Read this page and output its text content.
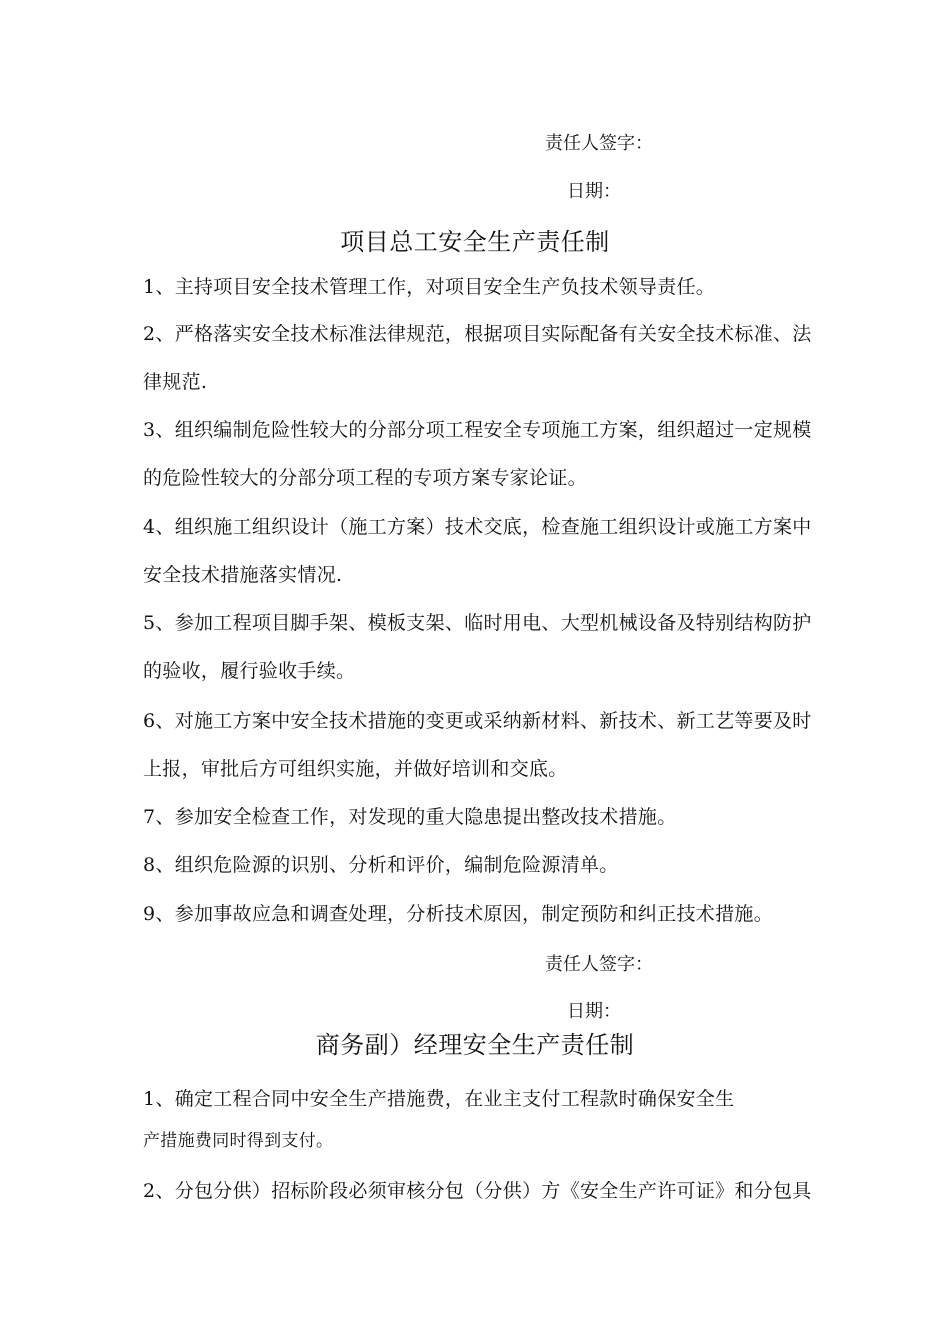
责任人签字：
日期：
项目总工安全生产责任制
1、主持项目安全技术管理工作，对项目安全生产负技术领导责任。
2、严格落实安全技术标准法律规范，根据项目实际配备有关安全技术标准、法
律规范.
3、组织编制危险性较大的分部分项工程安全专项施工方案，组织超过一定规模
的危险性较大的分部分项工程的专项方案专家论证。
4、组织施工组织设计（施工方案）技术交底，检查施工组织设计或施工方案中
安全技术措施落实情况.
5、参加工程项目脚手架、模板支架、临时用电、大型机械设备及特别结构防护
的验收，履行验收手续。
6、对施工方案中安全技术措施的变更或采纳新材料、新技术、新工艺等要及时
上报，审批后方可组织实施，并做好培训和交底。
7、参加安全检查工作，对发现的重大隐患提出整改技术措施。
8、组织危险源的识别、分析和评价，编制危险源清单。
9、参加事故应急和调查处理，分析技术原因，制定预防和纠正技术措施。
责任人签字：
日期：
商务副）经理安全生产责任制
1、确定工程合同中安全生产措施费，在业主支付工程款时确保安全生
产措施费同时得到支付。
2、分包分供）招标阶段必须审核分包（分供）方《安全生产许可证》和分包具
